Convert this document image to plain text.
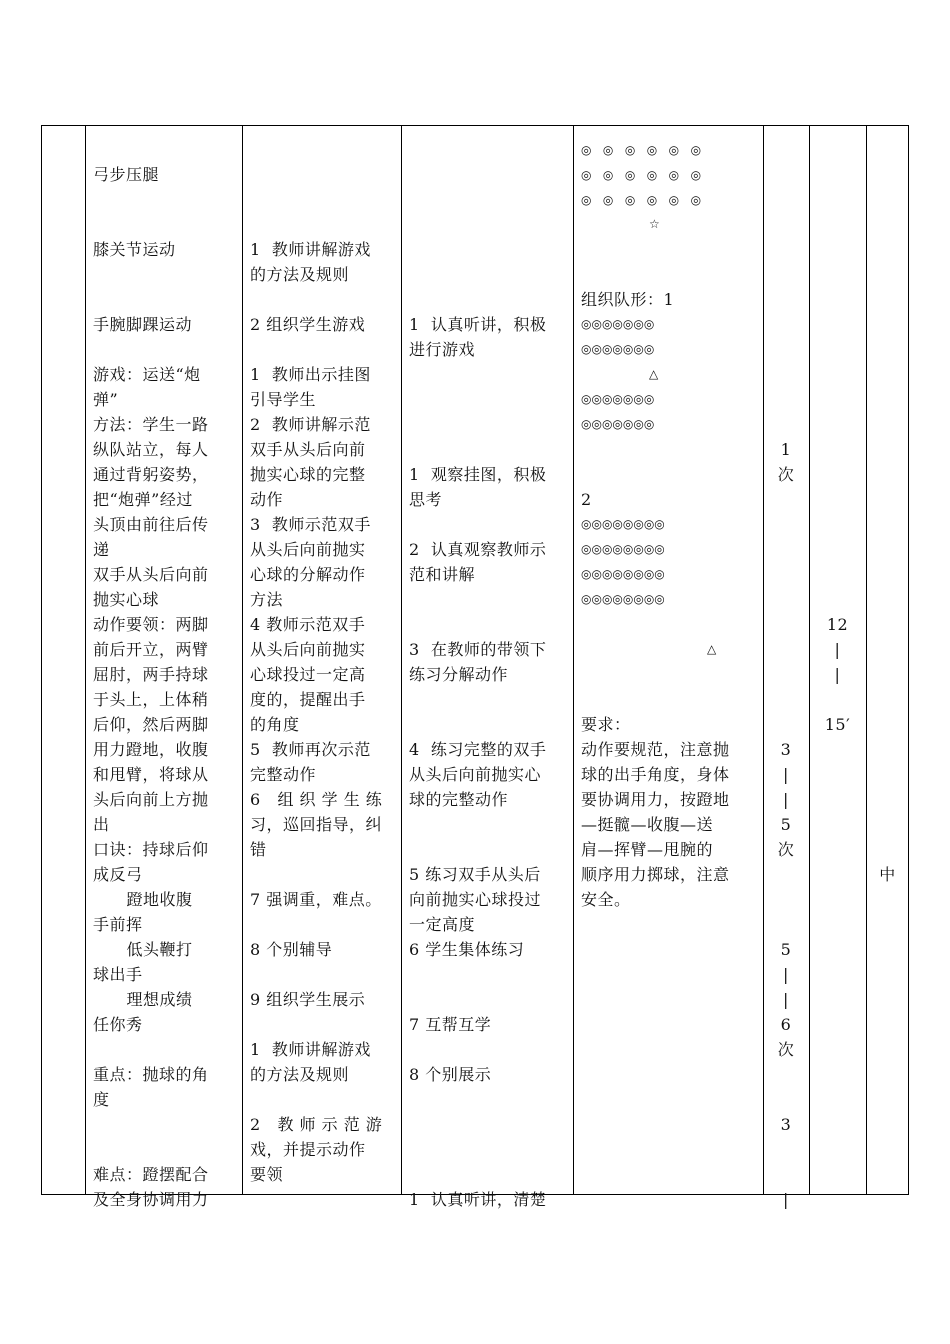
弓步压腿
膝关节运动
手腕脚踝运动
游戏：运送“炮
弹”
方法：学生一路
纵队站立，每人
通过背躬姿势，
把“炮弹”经过
头顶由前往后传
递
双手从头后向前
抛实心球
动作要领：两脚
前后开立，两臂
屈肘，两手持球
于头上，上体稍
后仰，然后两脚
用力蹬地，收腹
和甩臂，将球从
头后向前上方抛
出
口诀：持球后仰
成反弓
蹬地收腹
手前挥
低头鞭打
球出手
理想成绩
任你秀
重点：抛球的角
度
难点：蹬摆配合
及全身协调用力
1  教师讲解游戏
的方法及规则
2 组织学生游戏
1  教师出示挂图
引导学生
2  教师讲解示范
双手从头后向前
抛实心球的完整
动作
3  教师示范双手
从头后向前抛实
心球的分解动作
方法
4 教师示范双手
从头后向前抛实
心球投过一定高
度的，提醒出手
的角度
5  教师再次示范
完整动作
6   组 织 学 生 练
习，巡回指导，纠
错
7 强调重，难点。
8 个别辅导
9 组织学生展示
1  教师讲解游戏
的方法及规则
2   教 师 示 范 游
戏，并提示动作
要领
1  认真听讲，积极
进行游戏
1  观察挂图，积极
思考
2  认真观察教师示
范和讲解
3  在教师的带领下
练习分解动作
4  练习完整的双手
从头后向前抛实心
球的完整动作
5 练习双手从头后
向前抛实心球投过
一定高度
6 学生集体练习
7 互帮互学
8 个别展示
1  认真听讲，清楚
组织队形：1
2
要求：
动作要规范，注意抛
球的出手角度，身体
要协调用力，按蹬地
—挺髋—收腹—送
肩—挥臂—甩腕的
顺序用力掷球，注意
安全。
◎   ◎   ◎   ◎   ◎   ◎
◎   ◎   ◎   ◎   ◎   ◎
◎   ◎   ◎   ◎   ◎   ◎
☆
◎◎◎◎◎◎◎
◎◎◎◎◎◎◎
△
◎◎◎◎◎◎◎
◎◎◎◎◎◎◎
◎◎◎◎◎◎◎◎
◎◎◎◎◎◎◎◎
◎◎◎◎◎◎◎◎
◎◎◎◎◎◎◎◎
△
1
次
3
|
|
5
次
5
|
|
6
次
3
|
12
|
|
15′
中
